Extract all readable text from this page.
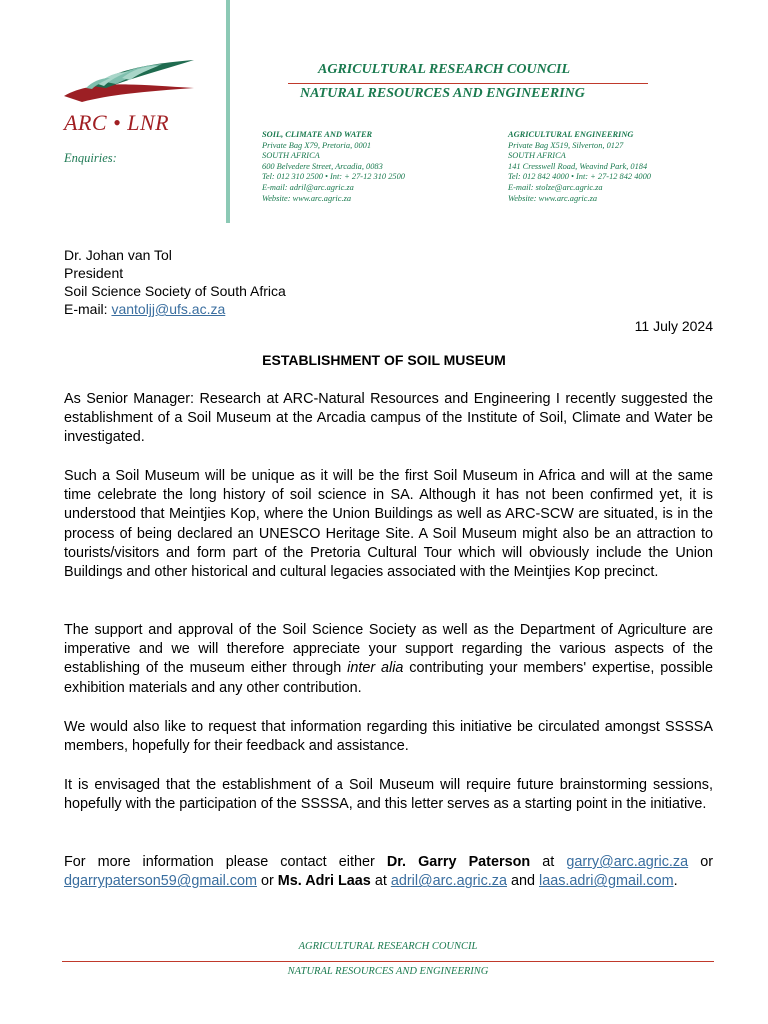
ARC • LNR
Enquiries:
AGRICULTURAL RESEARCH COUNCIL
NATURAL RESOURCES AND ENGINEERING
SOIL, CLIMATE AND WATER
Private Bag X79, Pretoria, 0001
SOUTH AFRICA
600 Belvedere Street, Arcadia, 0083
Tel: 012 310 2500 • Int: + 27-12 310 2500
E-mail: adril@arc.agric.za
Website: www.arc.agric.za
AGRICULTURAL ENGINEERING
Private Bag X519, Silverton, 0127
SOUTH AFRICA
141 Cresswell Road, Weavind Park, 0184
Tel: 012 842 4000 • Int: + 27-12 842 4000
E-mail: stolze@arc.agric.za
Website: www.arc.agric.za
Dr. Johan van Tol
President
Soil Science Society of South Africa
E-mail: vantoljj@ufs.ac.za
11 July 2024
ESTABLISHMENT OF SOIL MUSEUM
As Senior Manager: Research at ARC-Natural Resources and Engineering I recently suggested the establishment of a Soil Museum at the Arcadia campus of the Institute of Soil, Climate and Water be investigated.
Such a Soil Museum will be unique as it will be the first Soil Museum in Africa and will at the same time celebrate the long history of soil science in SA. Although it has not been confirmed yet, it is understood that Meintjies Kop, where the Union Buildings as well as ARC-SCW are situated, is in the process of being declared an UNESCO Heritage Site. A Soil Museum might also be an attraction to tourists/visitors and form part of the Pretoria Cultural Tour which will obviously include the Union Buildings and other historical and cultural legacies associated with the Meintjies Kop precinct.
The support and approval of the Soil Science Society as well as the Department of Agriculture are imperative and we will therefore appreciate your support regarding the various aspects of the establishing of the museum either through inter alia contributing your members' expertise, possible exhibition materials and any other contribution.
We would also like to request that information regarding this initiative be circulated amongst SSSSA members, hopefully for their feedback and assistance.
It is envisaged that the establishment of a Soil Museum will require future brainstorming sessions, hopefully with the participation of the SSSSA, and this letter serves as a starting point in the initiative.
For more information please contact either Dr. Garry Paterson at garry@arc.agric.za or dgarrypaterson59@gmail.com or Ms. Adri Laas at adril@arc.agric.za and laas.adri@gmail.com.
AGRICULTURAL RESEARCH COUNCIL
NATURAL RESOURCES AND ENGINEERING
